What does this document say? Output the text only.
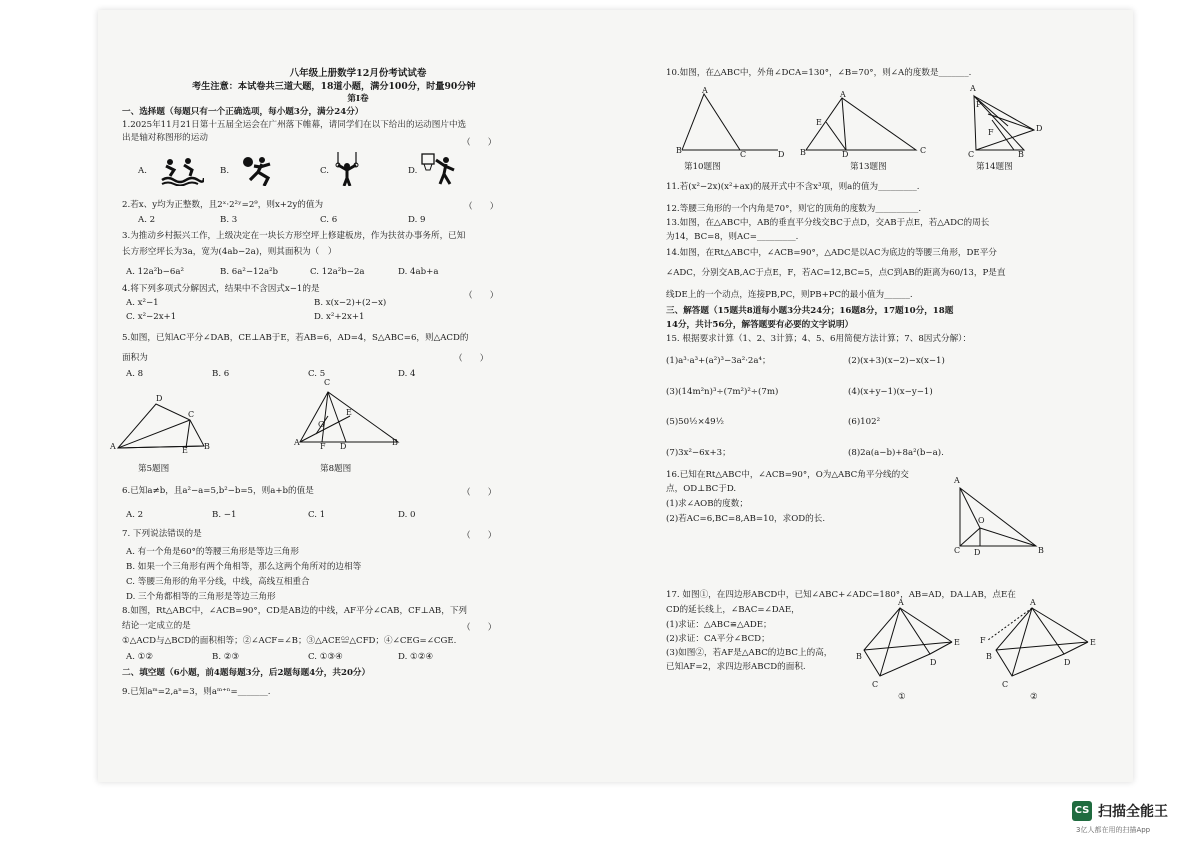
八年级上册数学12月份考试试卷
考生注意：本试卷共三道大题，18道小题，满分100分，时量90分钟
第Ⅰ卷
一、选择题（每题只有一个正确选项，每小题3分，满分24分）
1.2025年11月21日第十五届全运会在广州落下帷幕，请同学们在以下给出的运动图片中选
出是轴对称图形的运动	（　　）
A.	B.	C.	D.
2.若x、y均为正整数，且2ˣ·2²ʸ=2⁹，则x+2y的值为	（　　）
A. 2	B. 3	C. 6	D. 9
3.为推动乡村振兴工作，上级决定在一块长方形空坪上修建板房，作为扶贫办事务所，已知
长方形空坪长为3a，宽为(4ab−2a)，则其面积为（　）
A. 12a²b−6a²	B. 6a²−12a²b	C. 12a²b−2a	D. 4ab+a
4.将下列多项式分解因式，结果中不含因式x−1的是
（　　）
A. x²−1	B. x(x−2)+(2−x)
C. x²−2x+1	D. x²+2x+1
5.如图，已知AC平分∠DAB，CE⊥AB于E，若AB=6，AD=4，S△ABC=6，则△ACD的
面积为	（　　）
A. 8	B. 6	C. 5	D. 4
D
C
A	E B
第5题图
C
E
G
A	F D	B
第8题图
6.已知a≠b，且a²−a=5,b²−b=5，则a+b的值是	（　　）
A. 2	B. −1	C. 1	D. 0
7. 下列说法错误的是	（　　）
A. 有一个角是60°的等腰三角形是等边三角形
B. 如果一个三角形有两个角相等，那么这两个角所对的边相等
C. 等腰三角形的角平分线，中线，高线互相重合
D. 三个角都相等的三角形是等边三角形
8.如图，Rt△ABC中，∠ACB=90°，CD是AB边的中线，AF平分∠CAB，CF⊥AB，下列
结论一定成立的是	（　　）
①△ACD与△BCD的面积相等；②∠ACF=∠B；③△ACE≌△CFD；④∠CEG=∠CGE.
A. ①②	B. ②③	C. ①③④	D. ①②④
二、填空题（6小题，前4题每题3分，后2题每题4分，共20分）
9.已知aᵐ=2,aⁿ=3，则aᵐ⁺ⁿ=_______.
10.如图，在△ABC中，外角∠DCA=130°，∠B=70°，则∠A的度数是_______.
A
B	C	D
第10题图
A
E
B	D	C
第13题图
A
P
D
F
C	B
第14题图
11.若(x²−2x)(x²+ax)的展开式中不含x³项，则a的值为_________.
12.等腰三角形的一个内角是70°，则它的顶角的度数为__________.
13.如图，在△ABC中，AB的垂直平分线交BC于点D，交AB于点E，若△ADC的周长
为14，BC=8，则AC=_________.
14.如图，在Rt△ABC中，∠ACB=90°，△ADC是以AC为底边的等腰三角形，DE平分
∠ADC，分别交AB,AC于点E，F，若AC=12,BC=5，点C到AB的距离为60/13，P是直
线DE上的一个动点，连接PB,PC，则PB+PC的最小值为______.
三、解答题（15题共8道每小题3分共24分；16题8分，17题10分，18题
14分，共计56分，解答题要有必要的文字说明）
15. 根据要求计算（1、2、3计算；4、5、6用简便方法计算；7、8因式分解）：
(1)a³·a³+(a²)³−3a²·2a⁴；	(2)(x+3)(x−2)−x(x−1)
(3)(14m²n)³÷(7m²)²÷(7m)	(4)(x+y−1)(x−y−1)
(5)50½×49½	(6)102²
(7)3x²−6x+3；	(8)2a(a−b)+8a²(b−a).
16.已知在Rt△ABC中，∠ACB=90°，O为△ABC角平分线的交
点，OD⊥BC于D.
(1)求∠AOB的度数；
(2)若AC=6,BC=8,AB=10，求OD的长.
A
O
C D	B
17. 如图①，在四边形ABCD中，已知∠ABC+∠ADC=180°，AB=AD，DA⊥AB，点E在
CD的延长线上，∠BAC=∠DAE，
(1)求证：△ABC≌△ADE；
(2)求证：CA平分∠BCD；
(3)如图②，若AF是△ABC的边BC上的高，
已知AF=2，求四边形ABCD的面积.
A
B
D
E
C
①
A
F
B
D
E
C
②
CS 扫描全能王
3亿人都在用的扫描App
